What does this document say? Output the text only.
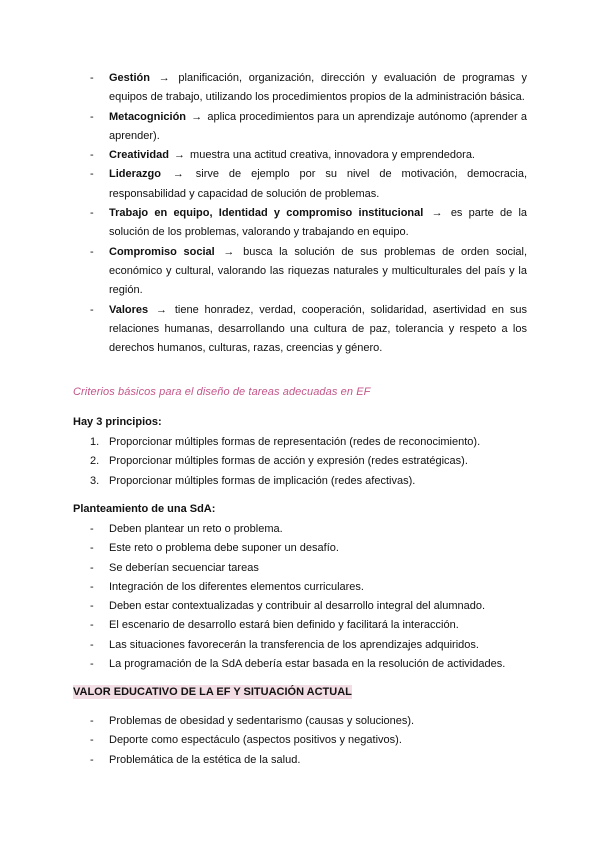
-	Gestión → planificación, organización, dirección y evaluación de programas y equipos de trabajo, utilizando los procedimientos propios de la administración básica.
-	Metacognición → aplica procedimientos para un aprendizaje autónomo (aprender a aprender).
-	Creatividad → muestra una actitud creativa, innovadora y emprendedora.
-	Liderazgo → sirve de ejemplo por su nivel de motivación, democracia, responsabilidad y capacidad de solución de problemas.
-	Trabajo en equipo, Identidad y compromiso institucional → es parte de la solución de los problemas, valorando y trabajando en equipo.
-	Compromiso social → busca la solución de sus problemas de orden social, económico y cultural, valorando las riquezas naturales y multiculturales del país y la región.
-	Valores → tiene honradez, verdad, cooperación, solidaridad, asertividad en sus relaciones humanas, desarrollando una cultura de paz, tolerancia y respeto a los derechos humanos, culturas, razas, creencias y género.
Criterios básicos para el diseño de tareas adecuadas en EF
Hay 3 principios:
1. Proporcionar múltiples formas de representación (redes de reconocimiento).
2. Proporcionar múltiples formas de acción y expresión (redes estratégicas).
3. Proporcionar múltiples formas de implicación (redes afectivas).
Planteamiento de una SdA:
-	Deben plantear un reto o problema.
-	Este reto o problema debe suponer un desafío.
-	Se deberían secuenciar tareas
-	Integración de los diferentes elementos curriculares.
-	Deben estar contextualizadas y contribuir al desarrollo integral del alumnado.
-	El escenario de desarrollo estará bien definido y facilitará la interacción.
-	Las situaciones favorecerán la transferencia de los aprendizajes adquiridos.
-	La programación de la SdA debería estar basada en la resolución de actividades.
VALOR EDUCATIVO DE LA EF Y SITUACIÓN ACTUAL
-	Problemas de obesidad y sedentarismo (causas y soluciones).
-	Deporte como espectáculo (aspectos positivos y negativos).
-	Problemática de la estética de la salud.
